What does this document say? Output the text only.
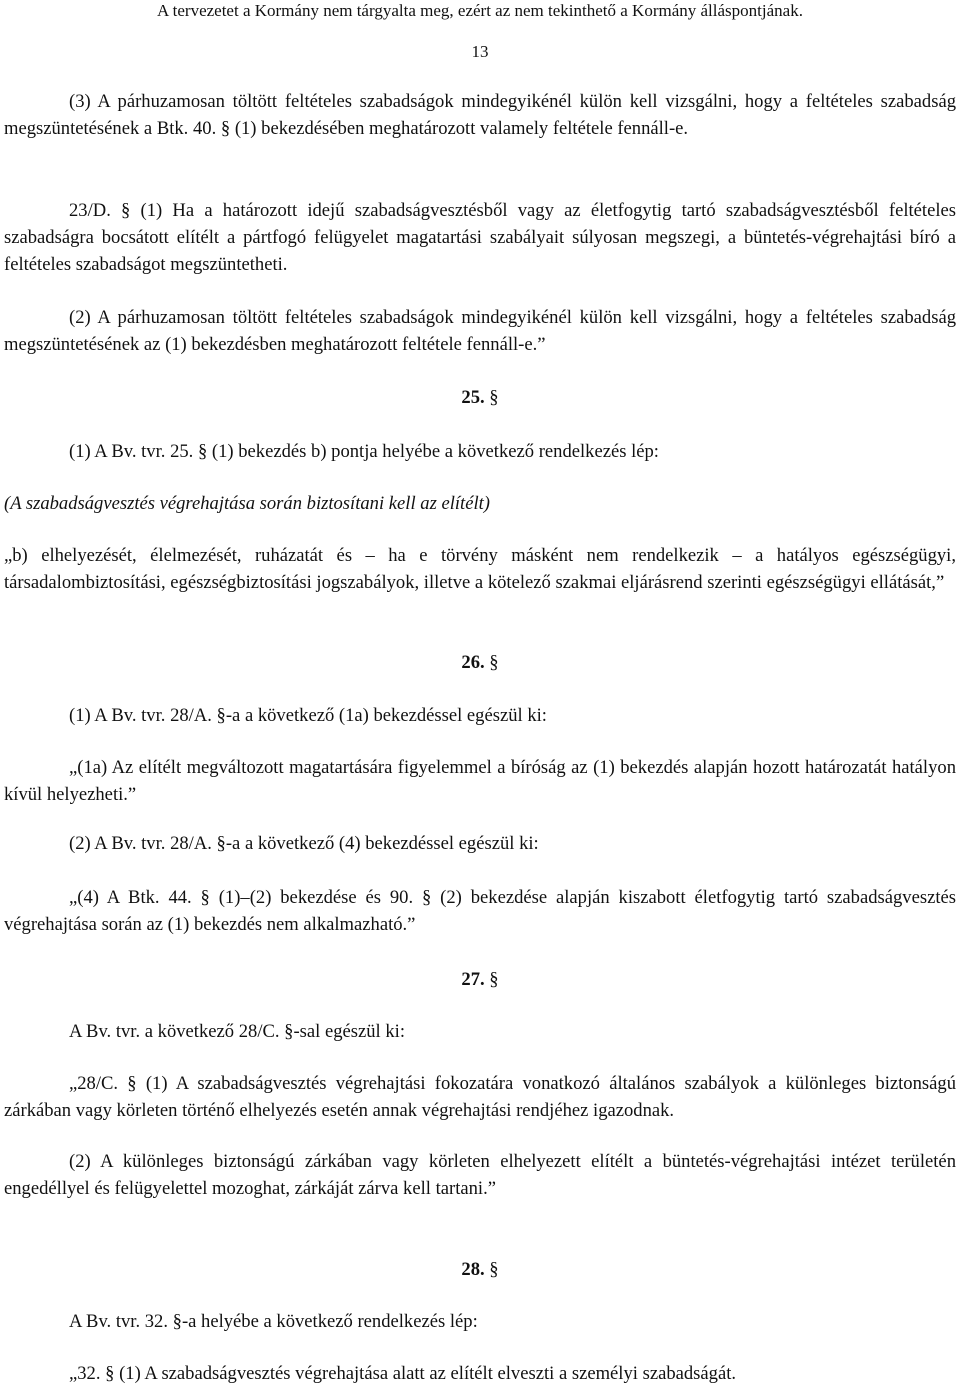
A tervezetet a Kormány nem tárgyalta meg, ezért az nem tekinthető a Kormány álláspontjának.
13

(3) A párhuzamosan töltött feltételes szabadságok mindegyikénél külön kell vizsgálni, hogy a feltételes szabadság megszüntetésének a Btk. 40. § (1) bekezdésében meghatározott valamely feltétele fennáll-e.

23/D. § (1) Ha a határozott idejű szabadságvesztésből vagy az életfogytig tartó szabadságvesztésből feltételes szabadságra bocsátott elítélt a pártfogó felügyelet magatartási szabályait súlyosan megszegi, a büntetés-végrehajtási bíró a feltételes szabadságot megszüntetheti.

(2) A párhuzamosan töltött feltételes szabadságok mindegyikénél külön kell vizsgálni, hogy a feltételes szabadság megszüntetésének az (1) bekezdésben meghatározott feltétele fennáll-e.”

25. §

(1) A Bv. tvr. 25. § (1) bekezdés b) pontja helyébe a következő rendelkezés lép:

(A szabadságvesztés végrehajtása során biztosítani kell az elítélt)

„b) elhelyezését, élelmezését, ruházatát és – ha e törvény másként nem rendelkezik – a hatályos egészségügyi, társadalombiztosítási, egészségbiztosítási jogszabályok, illetve a kötelező szakmai eljárásrend szerinti egészségügyi ellátását,”

26. §

(1) A Bv. tvr. 28/A. §-a a következő (1a) bekezdéssel egészül ki:

„(1a) Az elítélt megváltozott magatartására figyelemmel a bíróság az (1) bekezdés alapján hozott határozatát hatályon kívül helyezheti.”

(2) A Bv. tvr. 28/A. §-a a következő (4) bekezdéssel egészül ki:

„(4) A Btk. 44. § (1)–(2) bekezdése és 90. § (2) bekezdése alapján kiszabott életfogytig tartó szabadságvesztés végrehajtása során az (1) bekezdés nem alkalmazható.”

27. §

A Bv. tvr. a következő 28/C. §-sal egészül ki:

„28/C. § (1) A szabadságvesztés végrehajtási fokozatára vonatkozó általános szabályok a különleges biztonságú zárkában vagy körleten történő elhelyezés esetén annak végrehajtási rendjéhez igazodnak.

(2) A különleges biztonságú zárkában vagy körleten elhelyezett elítélt a büntetés-végrehajtási intézet területén engedéllyel és felügyelettel mozoghat, zárkáját zárva kell tartani.”

28. §

A Bv. tvr. 32. §-a helyébe a következő rendelkezés lép:

„32. § (1) A szabadságvesztés végrehajtása alatt az elítélt elveszti a személyi szabadságát.
